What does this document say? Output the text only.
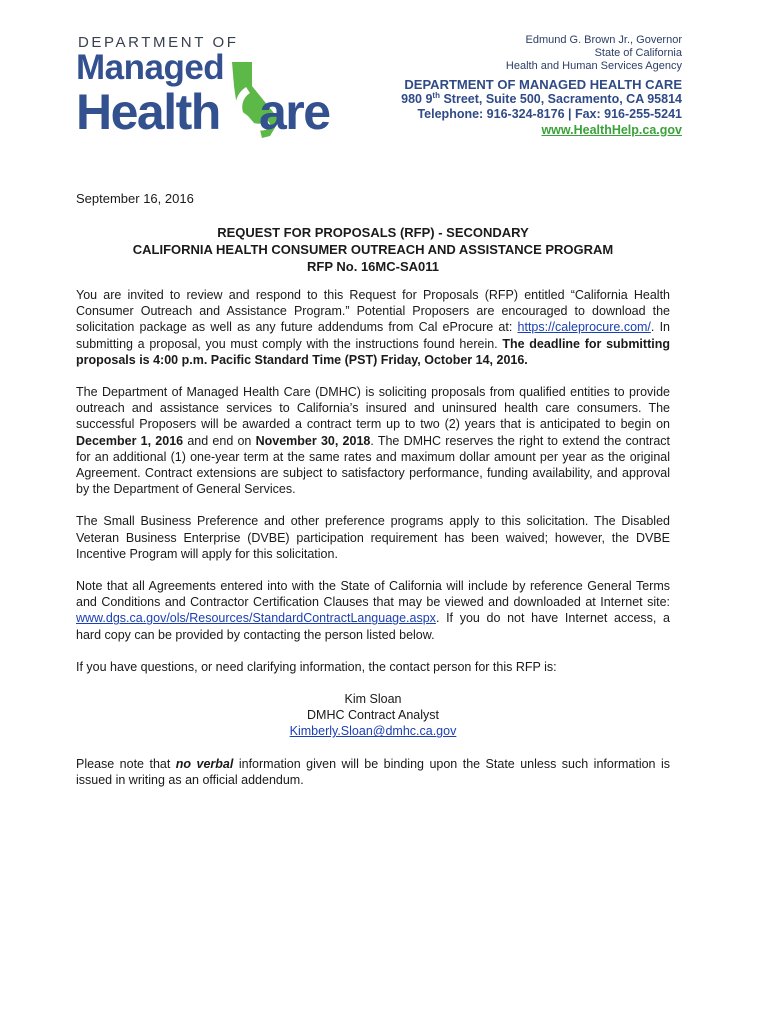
DEPARTMENT OF
Managed
Health are
Edmund G. Brown Jr., Governor
State of California
Health and Human Services Agency
DEPARTMENT OF MANAGED HEALTH CARE
980 9th Street, Suite 500, Sacramento, CA 95814
Telephone: 916-324-8176 | Fax: 916-255-5241
www.HealthHelp.ca.gov
September 16, 2016
REQUEST FOR PROPOSALS (RFP) - SECONDARY
CALIFORNIA HEALTH CONSUMER OUTREACH AND ASSISTANCE PROGRAM
RFP No. 16MC-SA011

You are invited to review and respond to this Request for Proposals (RFP) entitled “California Health Consumer Outreach and Assistance Program.” Potential Proposers are encouraged to download the solicitation package as well as any future addendums from Cal eProcure at: https://caleprocure.com/. In submitting a proposal, you must comply with the instructions found herein. The deadline for submitting proposals is 4:00 p.m. Pacific Standard Time (PST) Friday, October 14, 2016.

The Department of Managed Health Care (DMHC) is soliciting proposals from qualified entities to provide outreach and assistance services to California’s insured and uninsured health care consumers. The successful Proposers will be awarded a contract term up to two (2) years that is anticipated to begin on December 1, 2016 and end on November 30, 2018. The DMHC reserves the right to extend the contract for an additional (1) one-year term at the same rates and maximum dollar amount per year as the original Agreement. Contract extensions are subject to satisfactory performance, funding availability, and approval by the Department of General Services.

The Small Business Preference and other preference programs apply to this solicitation. The Disabled Veteran Business Enterprise (DVBE) participation requirement has been waived; however, the DVBE Incentive Program will apply for this solicitation.

Note that all Agreements entered into with the State of California will include by reference General Terms and Conditions and Contractor Certification Clauses that may be viewed and downloaded at Internet site: www.dgs.ca.gov/ols/Resources/StandardContractLanguage.aspx. If you do not have Internet access, a hard copy can be provided by contacting the person listed below.

If you have questions, or need clarifying information, the contact person for this RFP is:

Kim Sloan
DMHC Contract Analyst
Kimberly.Sloan@dmhc.ca.gov

Please note that no verbal information given will be binding upon the State unless such information is issued in writing as an official addendum.
